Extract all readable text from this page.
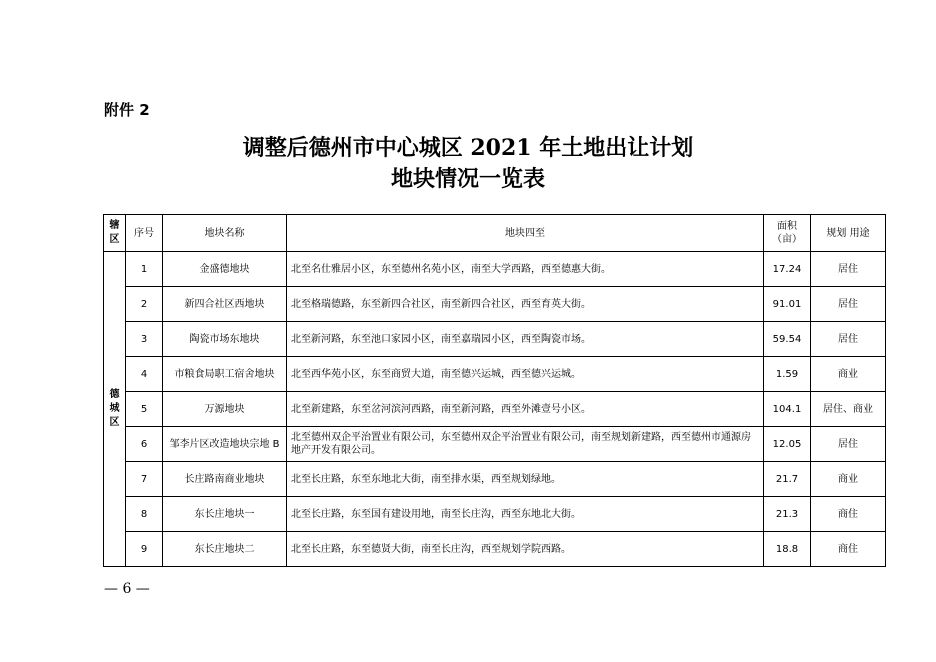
附件 2
调整后德州市中心城区 2021 年土地出让计划
地块情况一览表
辖区	序号	地块名称	地块四至	面积（亩）	规划 用途
德城区	1	金盛德地块	北至名仕雅居小区，东至德州名苑小区，南至大学西路，西至德惠大街。	17.24	居住
	2	新四合社区西地块	北至格瑞德路，东至新四合社区，南至新四合社区，西至育英大街。	91.01	居住
	3	陶瓷市场东地块	北至新河路，东至池口家园小区，南至嘉瑞园小区，西至陶瓷市场。	59.54	居住
	4	市粮食局职工宿舍地块	北至西华苑小区，东至商贸大道，南至德兴运城，西至德兴运城。	1.59	商业
	5	万源地块	北至新建路，东至岔河滨河西路，南至新河路，西至外滩壹号小区。	104.1	居住、商业
	6	邹李片区改造地块宗地 B	北至德州双企平治置业有限公司，东至德州双企平治置业有限公司，南至规划新建路，西至德州市通源房地产开发有限公司。	12.05	居住
	7	长庄路南商业地块	北至长庄路，东至东地北大街，南至排水渠，西至规划绿地。	21.7	商业
	8	东长庄地块一	北至长庄路，东至国有建设用地，南至长庄沟，西至东地北大街。	21.3	商住
	9	东长庄地块二	北至长庄路，东至德贤大街，南至长庄沟，西至规划学院西路。	18.8	商住
— 6 —
